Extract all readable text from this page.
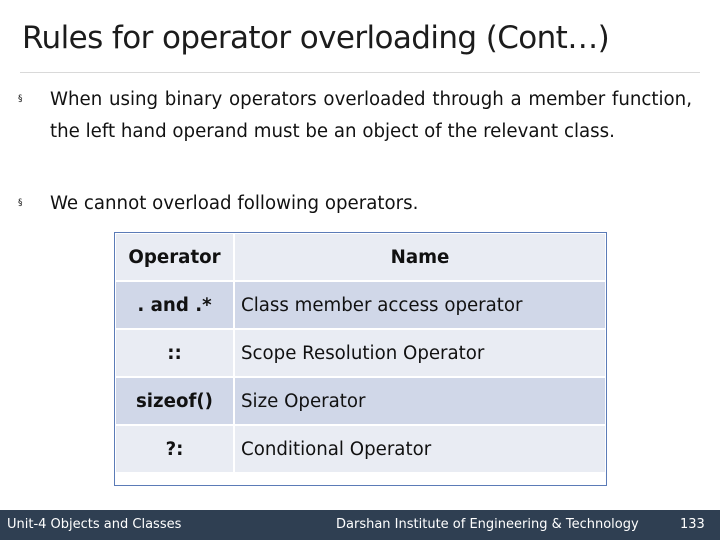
Rules for operator overloading (Cont…)
§ When using binary operators overloaded through a member function, the left hand operand must be an object of the relevant class.
§ We cannot overload following operators.
Operator	Name
. and .*	Class member access operator
::	Scope Resolution Operator
sizeof()	Size Operator
?:	Conditional Operator
Unit-4 Objects and Classes	Darshan Institute of Engineering & Technology	133
